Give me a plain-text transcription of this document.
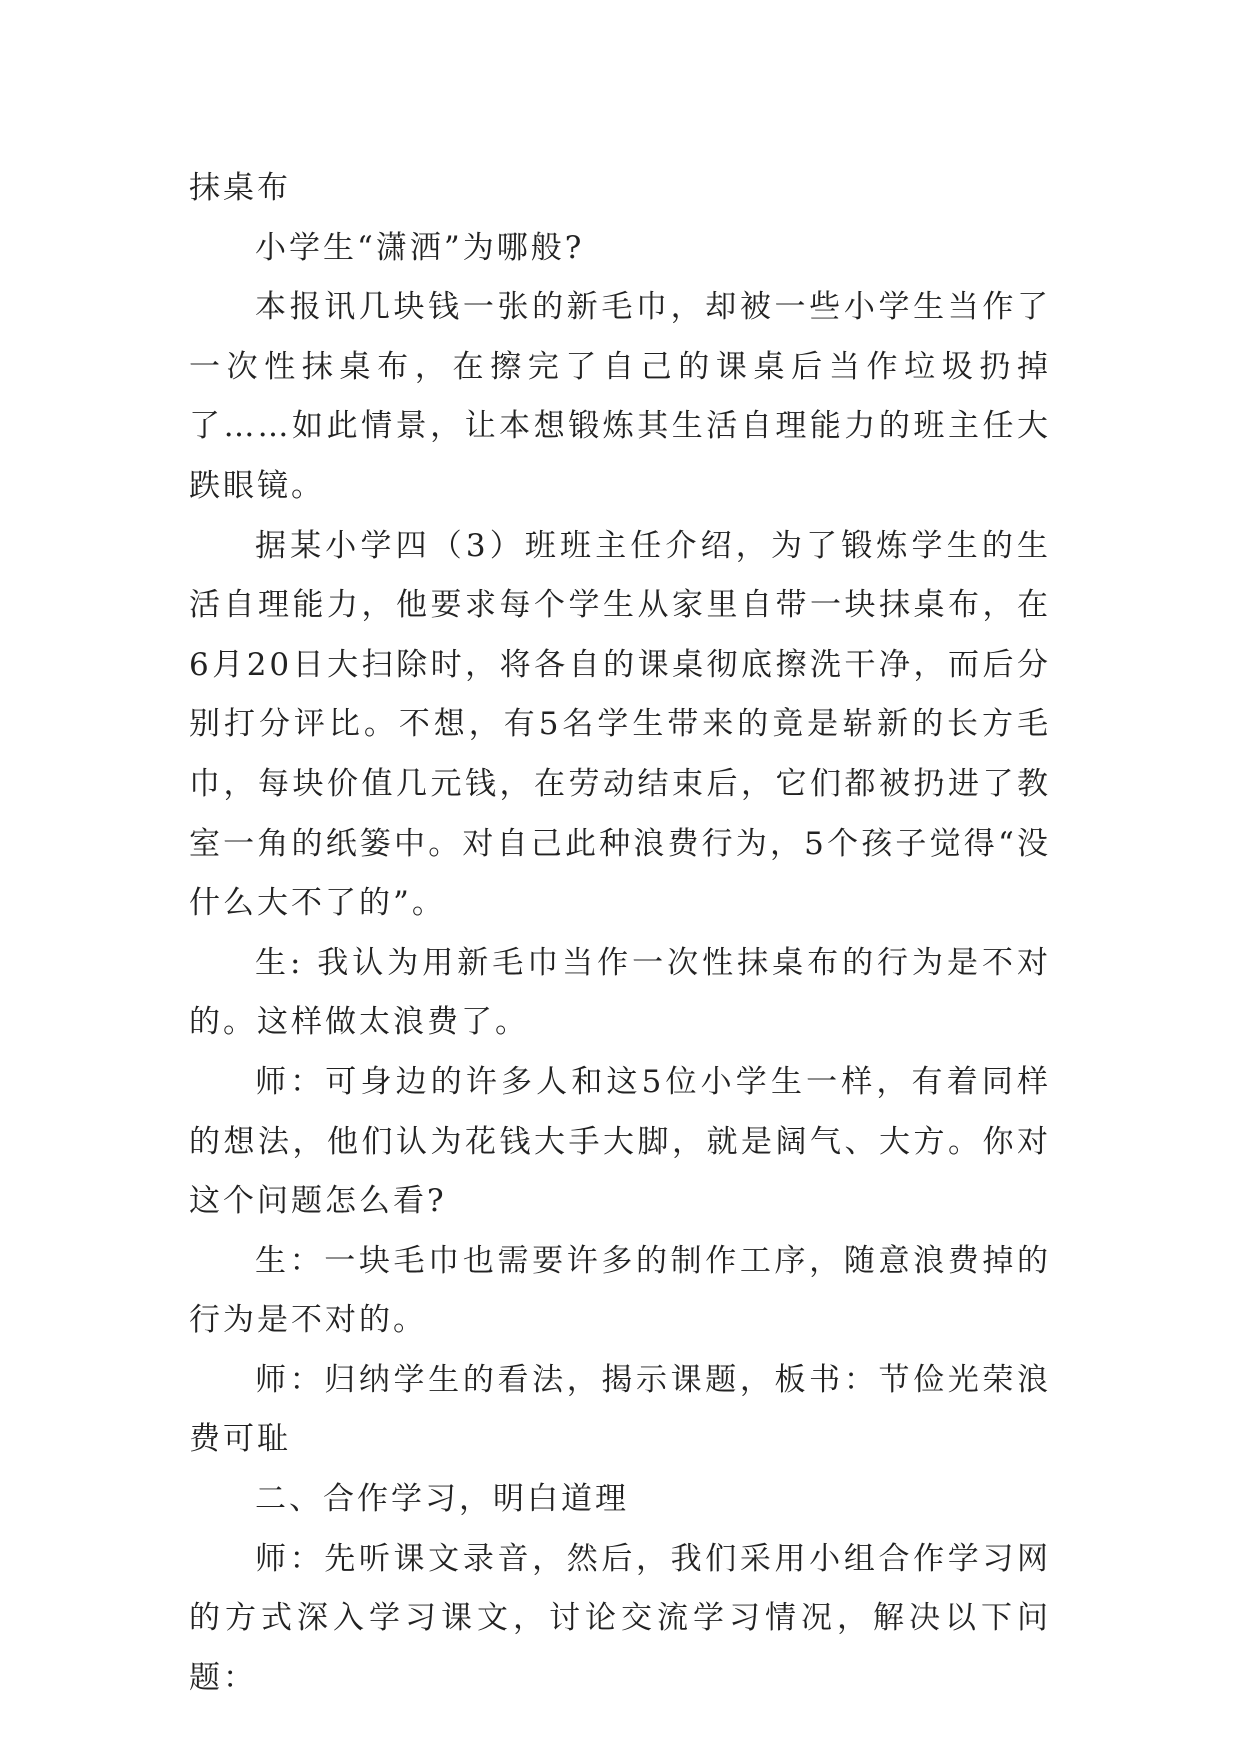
抹桌布

小学生“潇洒”为哪般?

本报讯几块钱一张的新毛巾，却被一些小学生当作了一次性抹桌布，在擦完了自己的课桌后当作垃圾扔掉了……如此情景，让本想锻炼其生活自理能力的班主任大跌眼镜。

据某小学四（3）班班主任介绍，为了锻炼学生的生活自理能力，他要求每个学生从家里自带一块抹桌布，在6月20日大扫除时，将各自的课桌彻底擦洗干净，而后分别打分评比。不想，有5名学生带来的竟是崭新的长方毛巾，每块价值几元钱，在劳动结束后，它们都被扔进了教室一角的纸篓中。对自己此种浪费行为，5个孩子觉得“没什么大不了的”。

生: 我认为用新毛巾当作一次性抹桌布的行为是不对的。这样做太浪费了。

师：可身边的许多人和这5位小学生一样，有着同样的想法，他们认为花钱大手大脚，就是阔气、大方。你对这个问题怎么看?

生：一块毛巾也需要许多的制作工序，随意浪费掉的行为是不对的。

师：归纳学生的看法，揭示课题，板书：节俭光荣浪费可耻

二、合作学习，明白道理

师：先听课文录音，然后，我们采用小组合作学习网的方式深入学习课文，讨论交流学习情况，解决以下问题：
